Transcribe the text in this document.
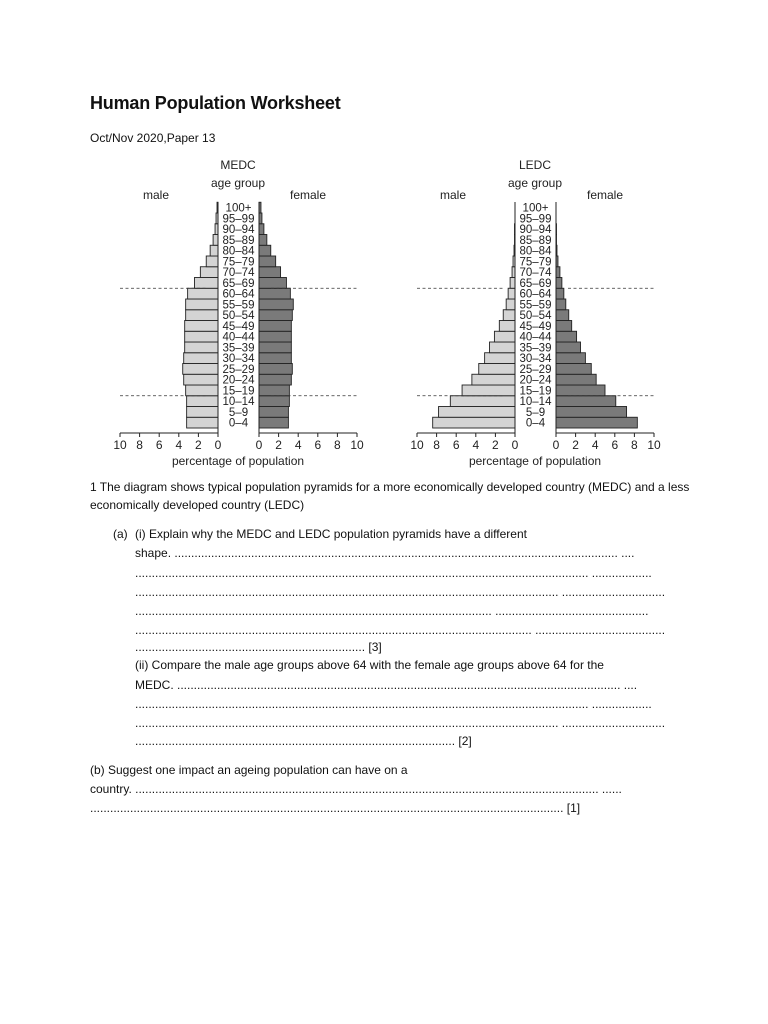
Human Population Worksheet
Oct/Nov 2020,Paper 13
MEDC
age group
male	female
0–4
5–9
10–14
15–19
20–24
25–29
30–34
35–39
40–44
45–49
50–54
55–59
60–64
65–69
70–74
75–79
80–84
85–89
90–94
95–99
100+
10 8 6 4 2 0	0 2 4 6 8 10
percentage of population
LEDC
age group
male	female
0–4
5–9
10–14
15–19
20–24
25–29
30–34
35–39
40–44
45–49
50–54
55–59
60–64
65–69
70–74
75–79
80–84
85–89
90–94
95–99
100+
10 8 6 4 2 0	0 2 4 6 8 10
percentage of population
1 The diagram shows typical population pyramids for a more economically developed country (MEDC) and a less economically developed country (LEDC)
(a) (i) Explain why the MEDC and LEDC population pyramids have a different
shape. ..................................................................................................................................... ....
........................................................................................................................................ ..................
............................................................................................................................... ...............................
........................................................................................................... ..............................................
....................................................................................................................... .......................................
..................................................................... [3]
(ii) Compare the male age groups above 64 with the female age groups above 64 for the
MEDC. ..................................................................................................................................... ....
........................................................................................................................................ ..................
............................................................................................................................... ...............................
................................................................................................ [2]
(b) Suggest one impact an ageing population can have on a
country. ........................................................................................................................................... ......
.............................................................................................................................................. [1]
